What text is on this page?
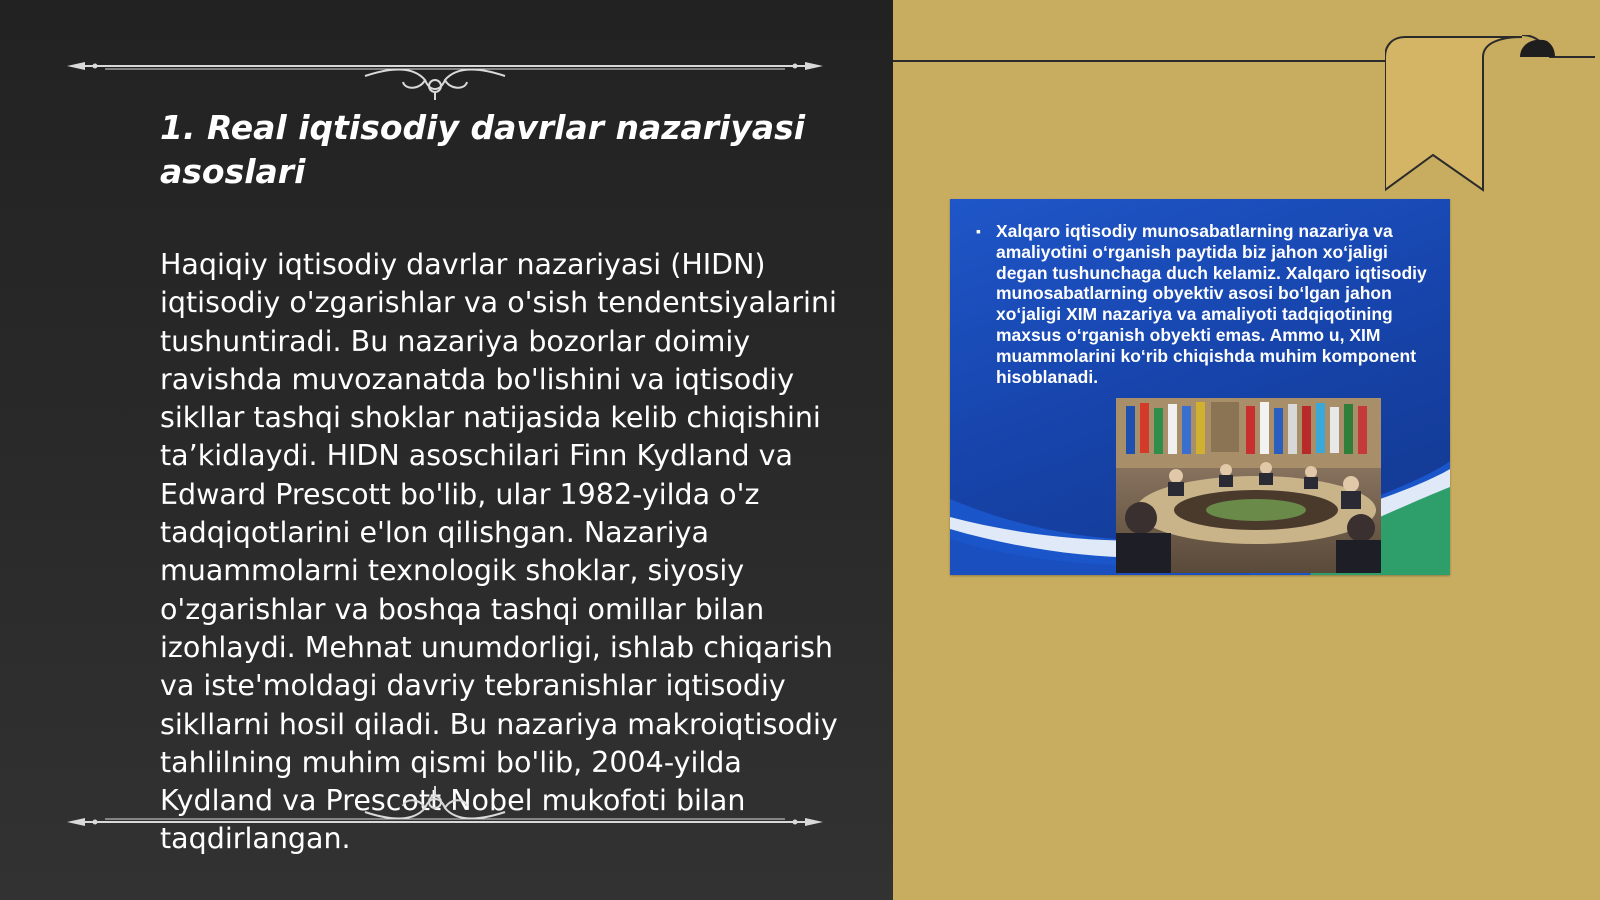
1. Real iqtisodiy davrlar nazariyasi asoslari

Haqiqiy iqtisodiy davrlar nazariyasi (HIDN) iqtisodiy o'zgarishlar va o'sish tendentsiyalarini tushuntiradi. Bu nazariya bozorlar doimiy ravishda muvozanatda bo'lishini va iqtisodiy sikllar tashqi shoklar natijasida kelib chiqishini ta’kidlaydi. HIDN asoschilari Finn Kydland va Edward Prescott bo'lib, ular 1982-yilda o'z tadqiqotlarini e'lon qilishgan. Nazariya muammolarni texnologik shoklar, siyosiy o'zgarishlar va boshqa tashqi omillar bilan izohlaydi. Mehnat unumdorligi, ishlab chiqarish va iste'moldagi davriy tebranishlar iqtisodiy sikllarni hosil qiladi. Bu nazariya makroiqtisodiy tahlilning muhim qismi bo'lib, 2004-yilda Kydland va Prescott Nobel mukofoti bilan taqdirlangan.

▪ Xalqaro iqtisodiy munosabatlarning nazariya va amaliyotini o‘rganish paytida biz jahon xo‘jaligi degan tushunchaga duch kelamiz. Xalqaro iqtisodiy munosabatlarning obyektiv asosi bo‘lgan jahon xo‘jaligi XIM nazariya va amaliyoti tadqiqotining maxsus o‘rganish obyekti emas. Ammo u, XIM muammolarini ko‘rib chiqishda muhim komponent hisoblanadi.
